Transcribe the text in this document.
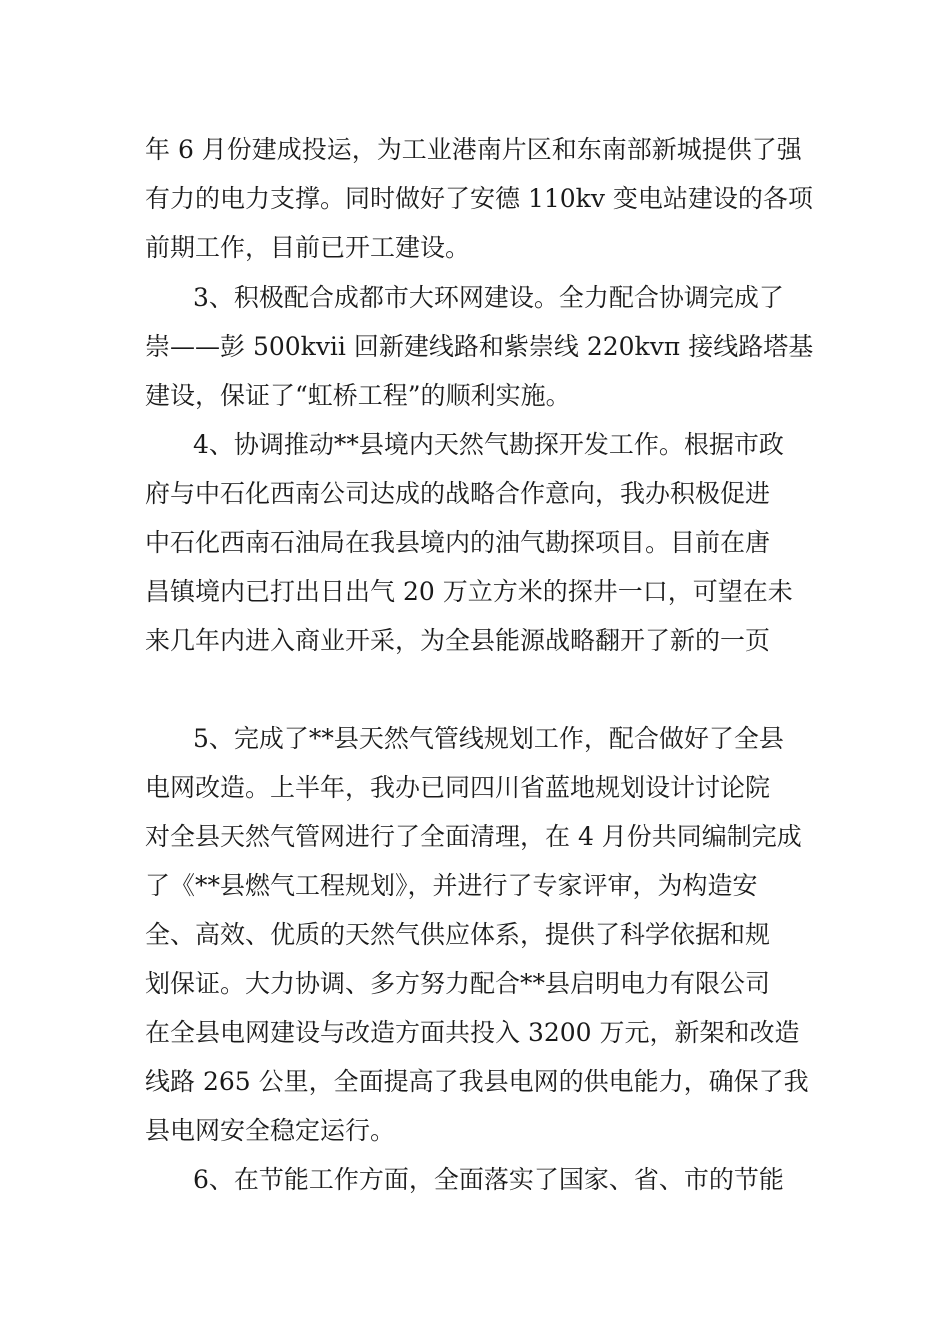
年 6 月份建成投运，为工业港南片区和东南部新城提供了强
有力的电力支撑。同时做好了安德 110kv 变电站建设的各项
前期工作，目前已开工建设。
3、积极配合成都市大环网建设。全力配合协调完成了
崇——彭 500kvii 回新建线路和紫崇线 220kvπ 接线路塔基
建设，保证了“虹桥工程”的顺利实施。
4、协调推动**县境内天然气勘探开发工作。根据市政
府与中石化西南公司达成的战略合作意向，我办积极促进
中石化西南石油局在我县境内的油气勘探项目。目前在唐
昌镇境内已打出日出气 20 万立方米的探井一口，可望在未
来几年内进入商业开采，为全县能源战略翻开了新的一页
5、完成了**县天然气管线规划工作，配合做好了全县
电网改造。上半年，我办已同四川省蓝地规划设计讨论院
对全县天然气管网进行了全面清理，在 4 月份共同编制完成
了《**县燃气工程规划》，并进行了专家评审，为构造安
全、高效、优质的天然气供应体系，提供了科学依据和规
划保证。大力协调、多方努力配合**县启明电力有限公司
在全县电网建设与改造方面共投入 3200 万元，新架和改造
线路 265 公里，全面提高了我县电网的供电能力，确保了我
县电网安全稳定运行。
6、在节能工作方面，全面落实了国家、省、市的节能
